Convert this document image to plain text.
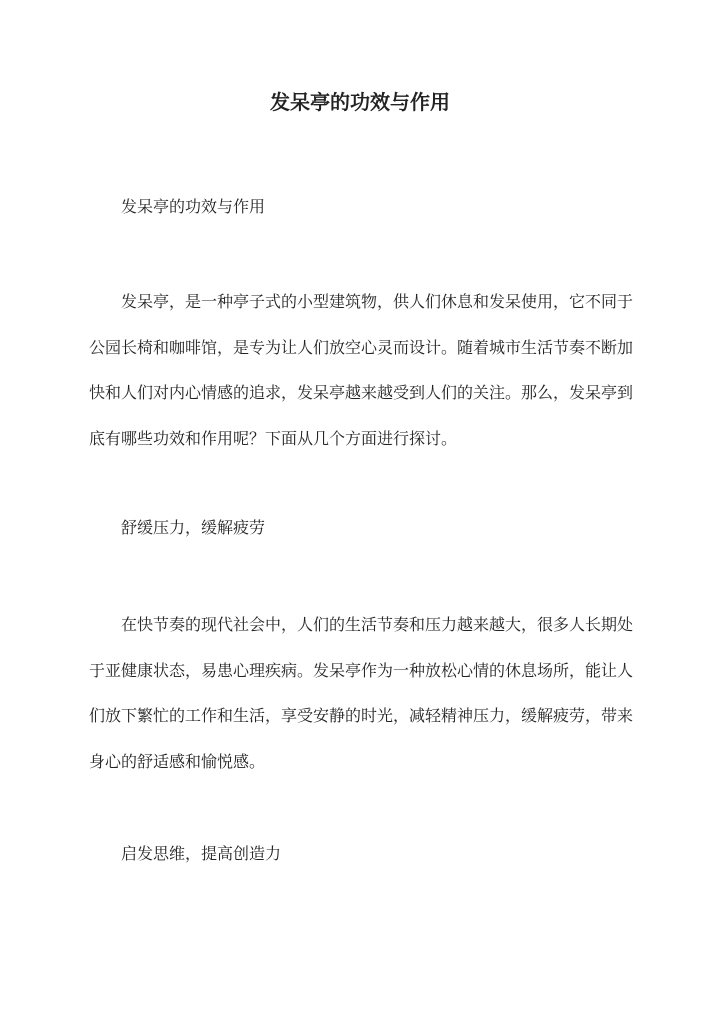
发呆亭的功效与作用

发呆亭的功效与作用

发呆亭，是一种亭子式的小型建筑物，供人们休息和发呆使用，它不同于公园长椅和咖啡馆，是专为让人们放空心灵而设计。随着城市生活节奏不断加快和人们对内心情感的追求，发呆亭越来越受到人们的关注。那么，发呆亭到底有哪些功效和作用呢？下面从几个方面进行探讨。

舒缓压力，缓解疲劳

在快节奏的现代社会中，人们的生活节奏和压力越来越大，很多人长期处于亚健康状态，易患心理疾病。发呆亭作为一种放松心情的休息场所，能让人们放下繁忙的工作和生活，享受安静的时光，减轻精神压力，缓解疲劳，带来身心的舒适感和愉悦感。

启发思维，提高创造力
